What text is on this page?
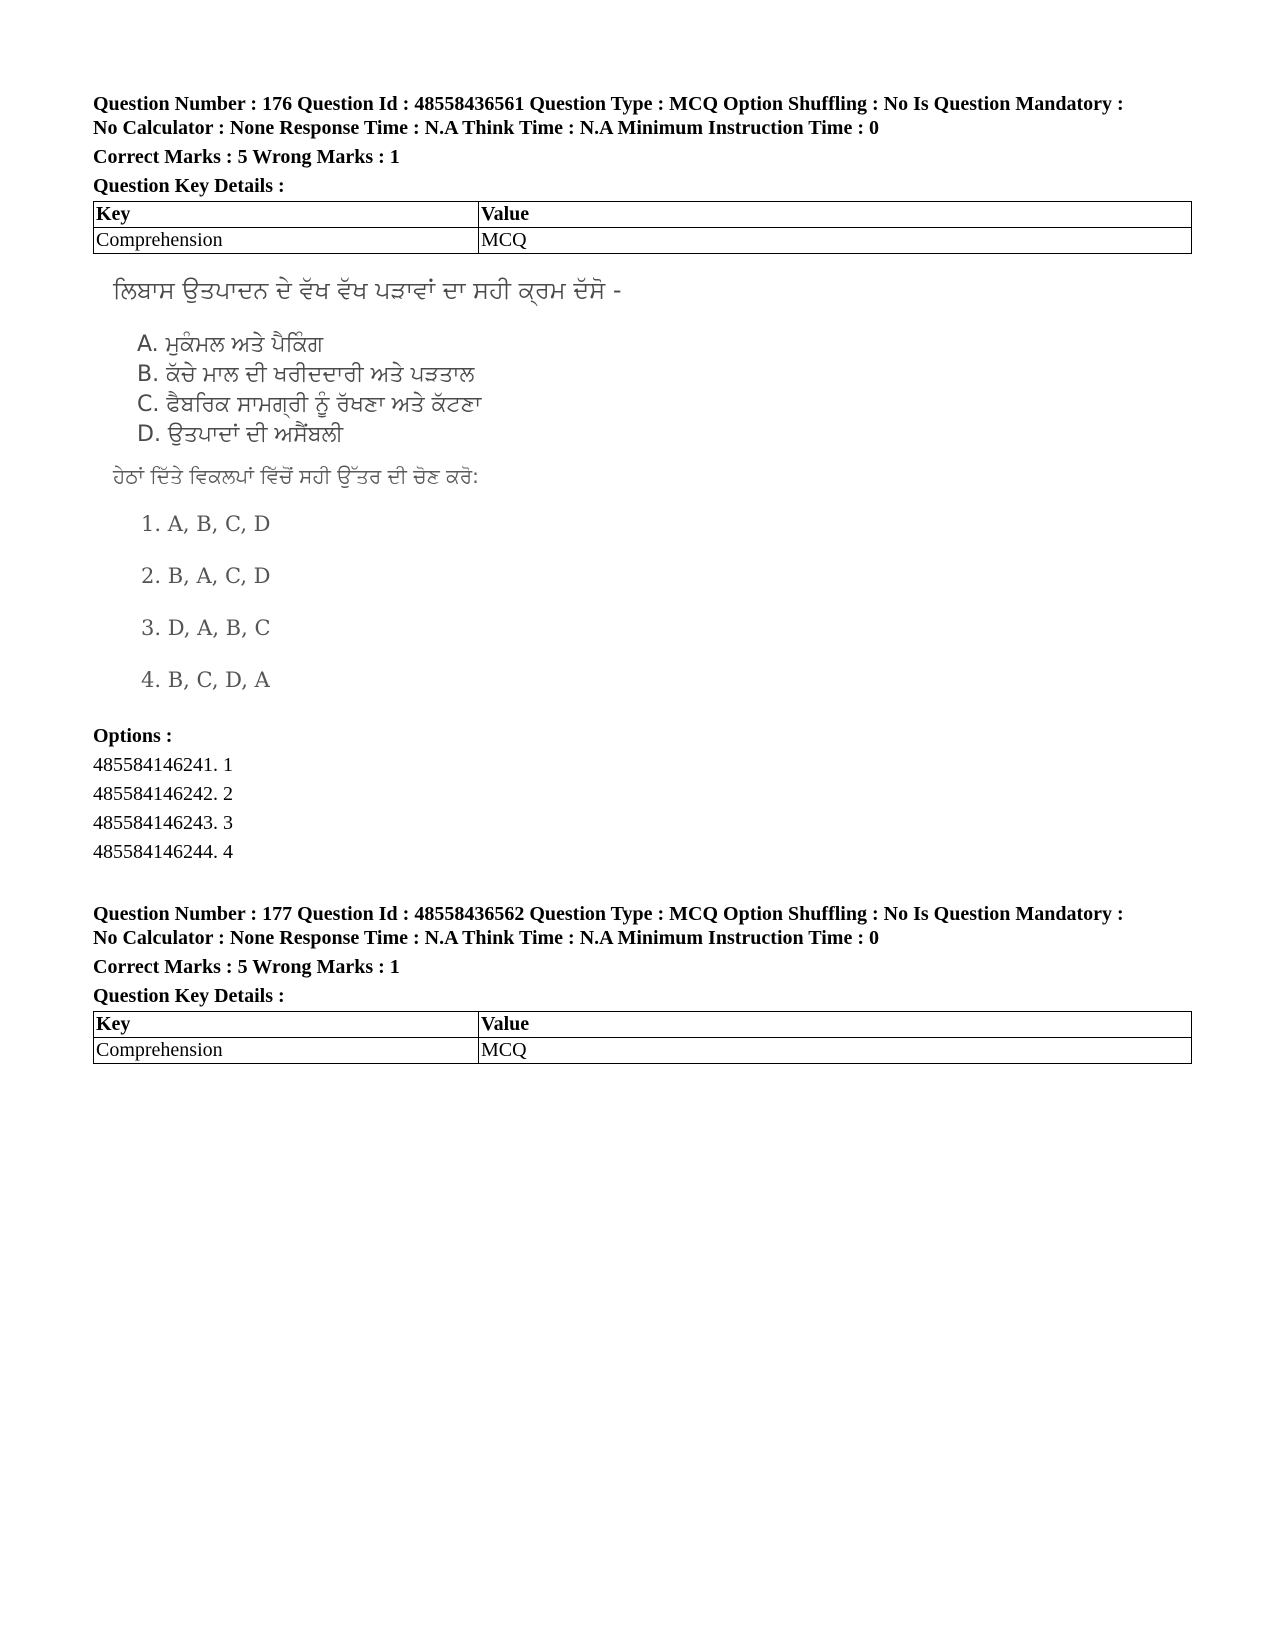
Question Number : 176 Question Id : 48558436561 Question Type : MCQ Option Shuffling : No Is Question Mandatory :
No Calculator : None Response Time : N.A Think Time : N.A Minimum Instruction Time : 0
Correct Marks : 5 Wrong Marks : 1
Question Key Details :
Key	Value
Comprehension	MCQ
ਲਿਬਾਸ ਉਤਪਾਦਨ ਦੇ ਵੱਖ ਵੱਖ ਪੜਾਵਾਂ ਦਾ ਸਹੀ ਕ੍ਰਮ ਦੱਸੋ -
A. ਮੁਕੰਮਲ ਅਤੇ ਪੈਕਿੰਗ
B. ਕੱਚੇ ਮਾਲ ਦੀ ਖਰੀਦਦਾਰੀ ਅਤੇ ਪੜਤਾਲ
C. ਫੈਬਰਿਕ ਸਾਮਗ੍ਰੀ ਨੂੰ ਰੱਖਣਾ ਅਤੇ ਕੱਟਣਾ
D. ਉਤਪਾਦਾਂ ਦੀ ਅਸੈਂਬਲੀ
ਹੇਠਾਂ ਦਿੱਤੇ ਵਿਕਲਪਾਂ ਵਿੱਚੋਂ ਸਹੀ ਉੱਤਰ ਦੀ ਚੋਣ ਕਰੋ:
1. A, B, C, D
2. B, A, C, D
3. D, A, B, C
4. B, C, D, A
Options :
485584146241. 1
485584146242. 2
485584146243. 3
485584146244. 4
Question Number : 177 Question Id : 48558436562 Question Type : MCQ Option Shuffling : No Is Question Mandatory :
No Calculator : None Response Time : N.A Think Time : N.A Minimum Instruction Time : 0
Correct Marks : 5 Wrong Marks : 1
Question Key Details :
Key	Value
Comprehension	MCQ
